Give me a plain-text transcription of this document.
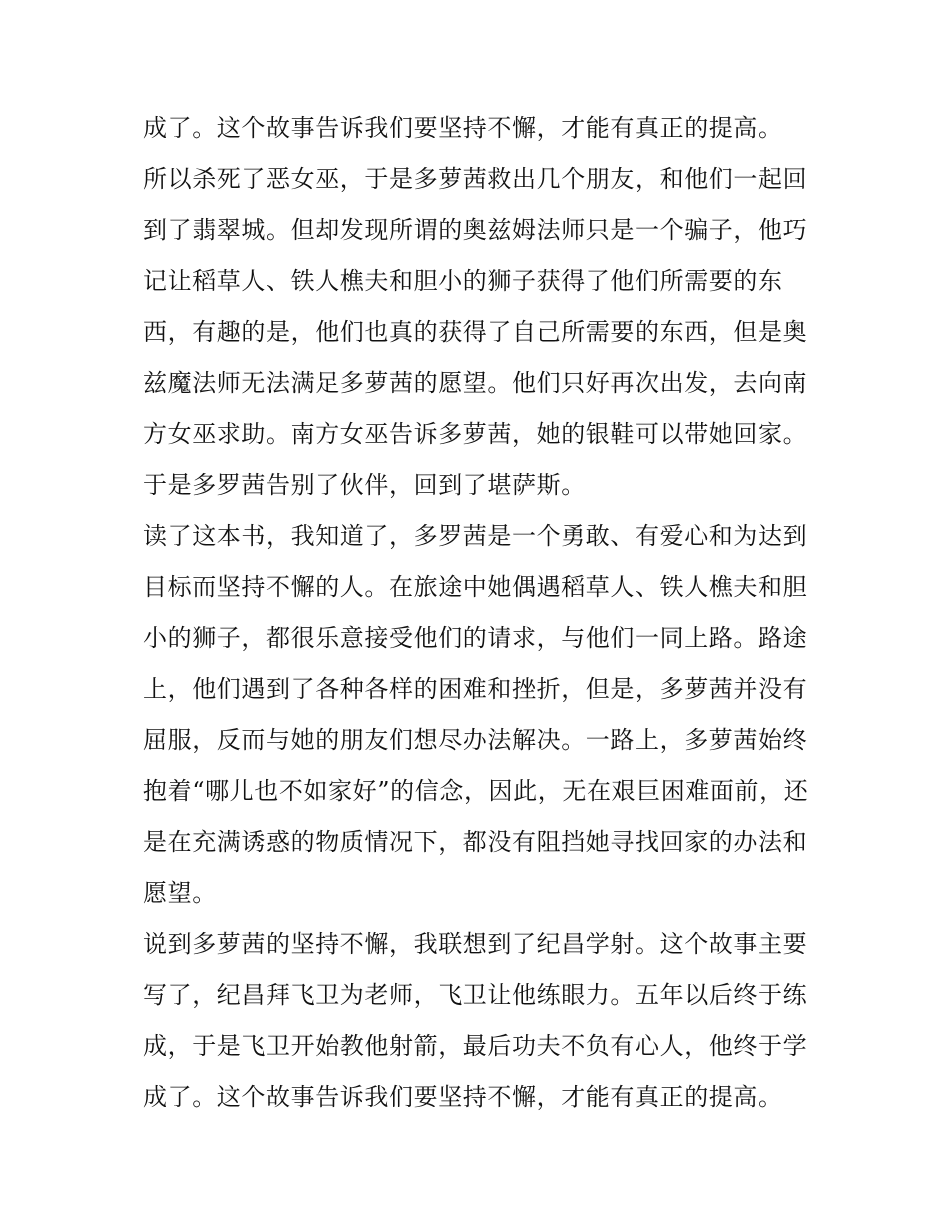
成了。这个故事告诉我们要坚持不懈，才能有真正的提高。
所以杀死了恶女巫，于是多萝茜救出几个朋友，和他们一起回
到了翡翠城。但却发现所谓的奥兹姆法师只是一个骗子，他巧
记让稻草人、铁人樵夫和胆小的狮子获得了他们所需要的东
西，有趣的是，他们也真的获得了自己所需要的东西，但是奥
兹魔法师无法满足多萝茜的愿望。他们只好再次出发，去向南
方女巫求助。南方女巫告诉多萝茜，她的银鞋可以带她回家。
于是多罗茜告别了伙伴，回到了堪萨斯。
读了这本书，我知道了，多罗茜是一个勇敢、有爱心和为达到
目标而坚持不懈的人。在旅途中她偶遇稻草人、铁人樵夫和胆
小的狮子，都很乐意接受他们的请求，与他们一同上路。路途
上，他们遇到了各种各样的困难和挫折，但是，多萝茜并没有
屈服，反而与她的朋友们想尽办法解决。一路上，多萝茜始终
抱着“哪儿也不如家好”的信念，因此，无在艰巨困难面前，还
是在充满诱惑的物质情况下，都没有阻挡她寻找回家的办法和
愿望。
说到多萝茜的坚持不懈，我联想到了纪昌学射。这个故事主要
写了，纪昌拜飞卫为老师，飞卫让他练眼力。五年以后终于练
成，于是飞卫开始教他射箭，最后功夫不负有心人，他终于学
成了。这个故事告诉我们要坚持不懈，才能有真正的提高。
